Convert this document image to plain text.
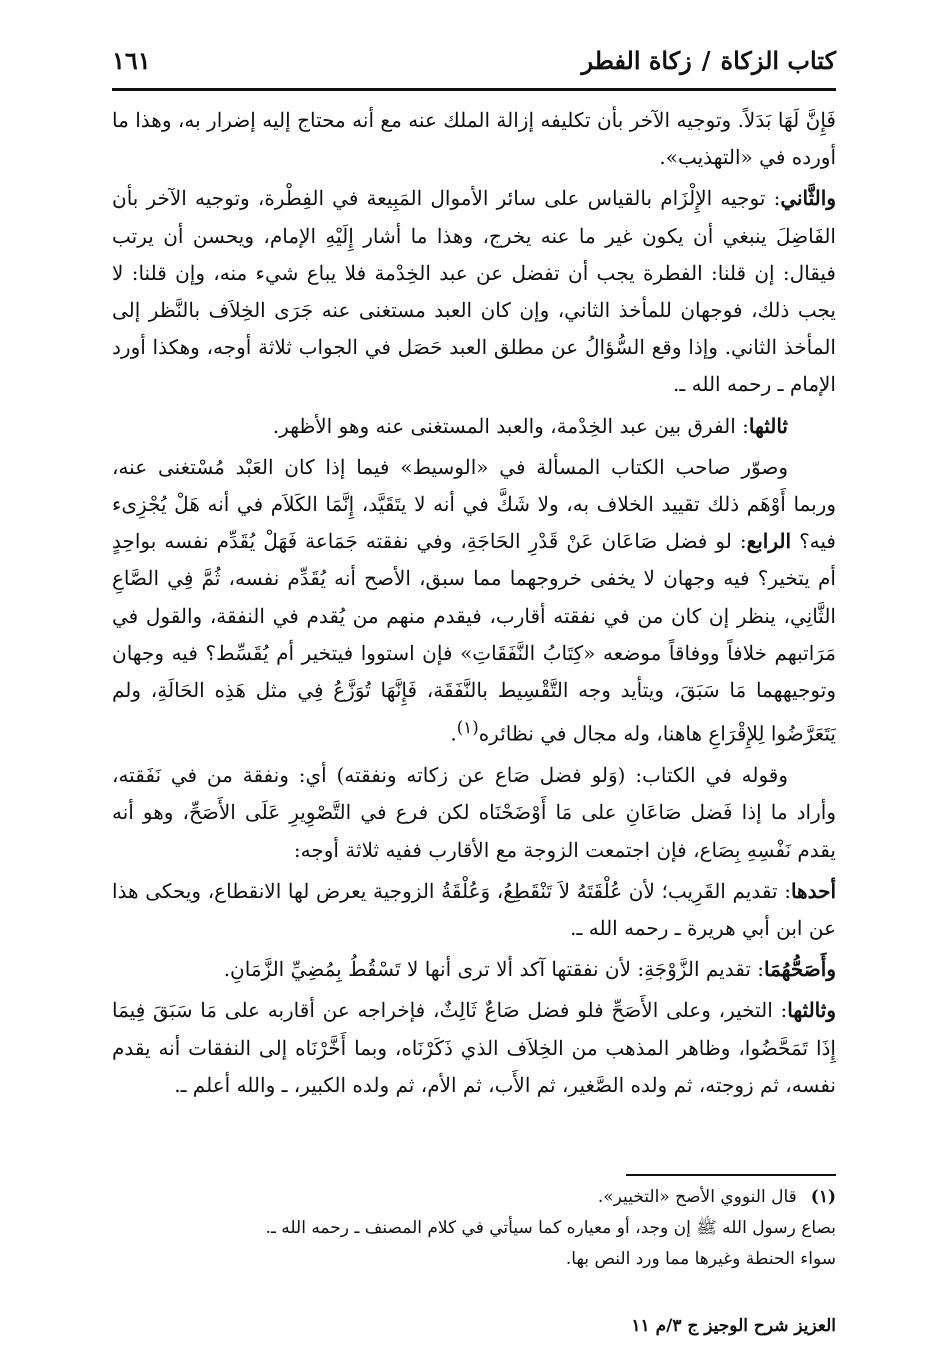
كتاب الزكاة
/
زكاة الفطر
١٦١

فَإِنَّ لَهَا بَدَلاً. وتوجيه الآخر بأن تكليفه إزالة الملك عنه مع أنه محتاج إليه إضرار به، وهذا ما أورده في «التهذيب».

والثَّاني: توجيه الإِلْزَام بالقياس على سائر الأموال المَبِيعة في الفِطْرة، وتوجيه الآخر بأن الفَاضِلَ ينبغي أن يكون غير ما عنه يخرج، وهذا ما أشار إِلَيْهِ الإمام، ويحسن أن يرتب فيقال: إن قلنا: الفطرة يجب أن تفضل عن عبد الخِدْمة فلا يباع شيء منه، وإن قلنا: لا يجب ذلك، فوجهان للمأخذ الثاني، وإن كان العبد مستغنى عنه جَرَى الخِلاَف بالنَّظر إلى المأخذ الثاني. وإذا وقع السُّؤالُ عن مطلق العبد حَصَل في الجواب ثلاثة أوجه، وهكذا أورد الإمام ـ رحمه الله ـ.

ثالثها: الفرق بين عبد الخِدْمة، والعبد المستغنى عنه وهو الأظهر.

وصوّر صاحب الكتاب المسألة في «الوسيط» فيما إذا كان العَبْد مُسْتغنى عنه، وربما أَوْهَم ذلك تقييد الخلاف به، ولا شَكَّ في أنه لا يتَقَيَّد، إِنَّمَا الكَلاَم في أنه هَلْ يُجْزِىء فيه؟ الرابع: لو فضل صَاعَان عَنْ قَدْرِ الحَاجَةِ، وفي نفقته جَمَاعة فَهَلْ يُقَدِّم نفسه بواحِدٍ أم يتخير؟ فيه وجهان لا يخفى خروجهما مما سبق، الأصح أنه يُقَدِّم نفسه، ثُمَّ فِي الصَّاعِ الثَّانِي، ينظر إن كان من في نفقته أقارب، فيقدم منهم من يُقدم في النفقة، والقول في مَرَاتبهم خلافاً ووفاقاً موضعه «كِتَابُ النَّفَقَاتِ» فإن استووا فيتخير أم يُقَسِّط؟ فيه وجهان وتوجيههما مَا سَبَقَ، ويتأيد وجه التَّقْسِيط بالنَّفَقَة، فَإِنَّهَا تُوَزَّعُ فِي مثل هَذِه الحَالَةِ، ولم يَتَعَرَّضُوا لِلإِقْرَاعِ هاهنا، وله مجال في نظائره$^{(١)}$.

وقوله في الكتاب: (وَلو فضل صَاع عن زكاته ونفقته) أي: ونفقة من في نَفَقته، وأراد ما إذا فَضل صَاعَانِ على مَا أَوْضَحْنَاه لكن فرع في التَّصْوِيرِ عَلَى الأَصَحِّ، وهو أنه يقدم نَفْسِهِ بِصَاع، فإن اجتمعت الزوجة مع الأقارب ففيه ثلاثة أوجه:

أحدها: تقديم القَرِيب؛ لأن عُلْقَتَهُ لاَ تَنْقَطِعُ، وَعُلْقَةُ الزوجية يعرض لها الانقطاع، ويحكى هذا عن ابن أبي هريرة ـ رحمه الله ـ.

وأَصَحُّهُمَا: تقديم الزَّوْجَةِ: لأن نفقتها آكد ألا ترى أنها لا تَسْقُطُ بِمُضِيِّ الزَّمَانِ.

وثالثها: التخير، وعلى الأَصَحِّ فلو فضل صَاعٌ ثَالِثٌ، فإخراجه عن أقاربه على مَا سَبَقَ فِيمَا إِذَا تَمَحَّضُوا، وظاهر المذهب من الخِلاَف الذي ذَكَرْنَاه، وبما أَخَّرْنَاه إلى النفقات أنه يقدم نفسه، ثم زوجته، ثم ولده الصَّغير، ثم الأَب، ثم الأم، ثم ولده الكبير، ـ والله أعلم ـ.

(١)قال النووي الأصح «التخيير».

بصاع رسول الله ﷺ إن وجد، أو معياره كما سيأتي في كلام المصنف ـ رحمه الله ـ.

سواء الحنطة وغيرها مما ورد النص بها.

العزيز شرح الوجيز ج ٣/م ١١
